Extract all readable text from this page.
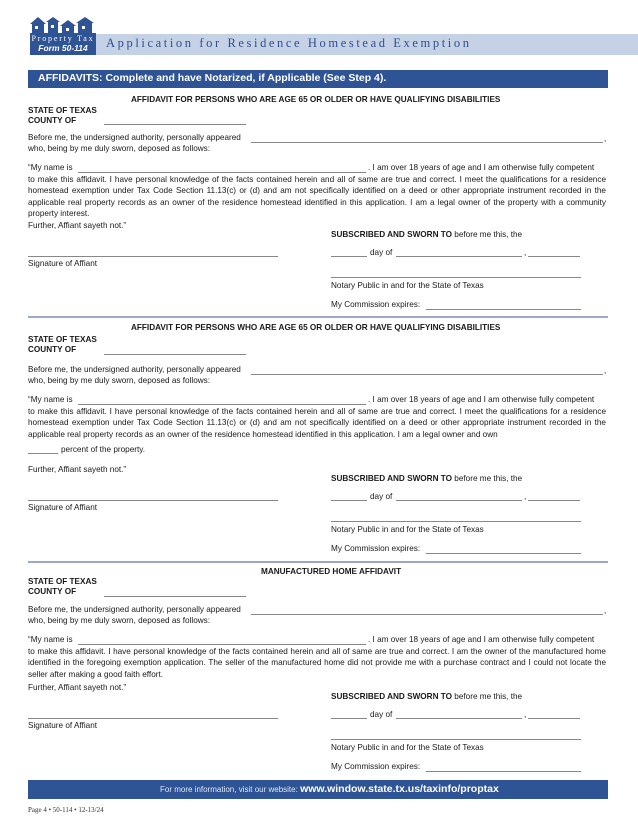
Property Tax
Form 50-114	Application for Residence Homestead Exemption
AFFIDAVITS: Complete and have Notarized, if Applicable (See Step 4).
AFFIDAVIT FOR PERSONS WHO ARE AGE 65 OR OLDER OR HAVE QUALIFYING DISABILITIES
STATE OF TEXAS
COUNTY OF
Before me, the undersigned authority, personally appeared	,
who, being by me duly sworn, deposed as follows:
“My name is	. I am over 18 years of age and I am otherwise fully competent
to make this affidavit. I have personal knowledge of the facts contained herein and all of same are true and correct. I meet the qualifications for a residence homestead exemption under Tax Code Section 11.13(c) or (d) and am not specifically identified on a deed or other appropriate instrument recorded in the applicable real property records as an owner of the residence homestead identified in this application. I am a legal owner of the property with a community property interest.
Further, Affiant sayeth not.”
SUBSCRIBED AND SWORN TO before me this, the
day of	,
Signature of Affiant
Notary Public in and for the State of Texas
My Commission expires:
AFFIDAVIT FOR PERSONS WHO ARE AGE 65 OR OLDER OR HAVE QUALIFYING DISABILITIES
STATE OF TEXAS
COUNTY OF
Before me, the undersigned authority, personally appeared	,
who, being by me duly sworn, deposed as follows:
“My name is	. I am over 18 years of age and I am otherwise fully competent
to make this affidavit. I have personal knowledge of the facts contained herein and all of same are true and correct. I meet the qualifications for a residence homestead exemption under Tax Code Section 11.13(c) or (d) and am not specifically identified on a deed or other appropriate instrument recorded in the applicable real property records as an owner of the residence homestead identified in this application. I am a legal owner and own
percent of the property.
Further, Affiant sayeth not.”
SUBSCRIBED AND SWORN TO before me this, the
day of	,
Signature of Affiant
Notary Public in and for the State of Texas
My Commission expires:
MANUFACTURED HOME AFFIDAVIT
STATE OF TEXAS
COUNTY OF
Before me, the undersigned authority, personally appeared	,
who, being by me duly sworn, deposed as follows:
“My name is	. I am over 18 years of age and I am otherwise fully competent
to make this affidavit. I have personal knowledge of the facts contained herein and all of same are true and correct. I am the owner of the manufactured home identified in the foregoing exemption application. The seller of the manufactured home did not provide me with a purchase contract and I could not locate the seller after making a good faith effort.
Further, Affiant sayeth not.”
SUBSCRIBED AND SWORN TO before me this, the
day of	,
Signature of Affiant
Notary Public in and for the State of Texas
My Commission expires:
For more information, visit our website: www.window.state.tx.us/taxinfo/proptax
Page 4 • 50-114 • 12-13/24
